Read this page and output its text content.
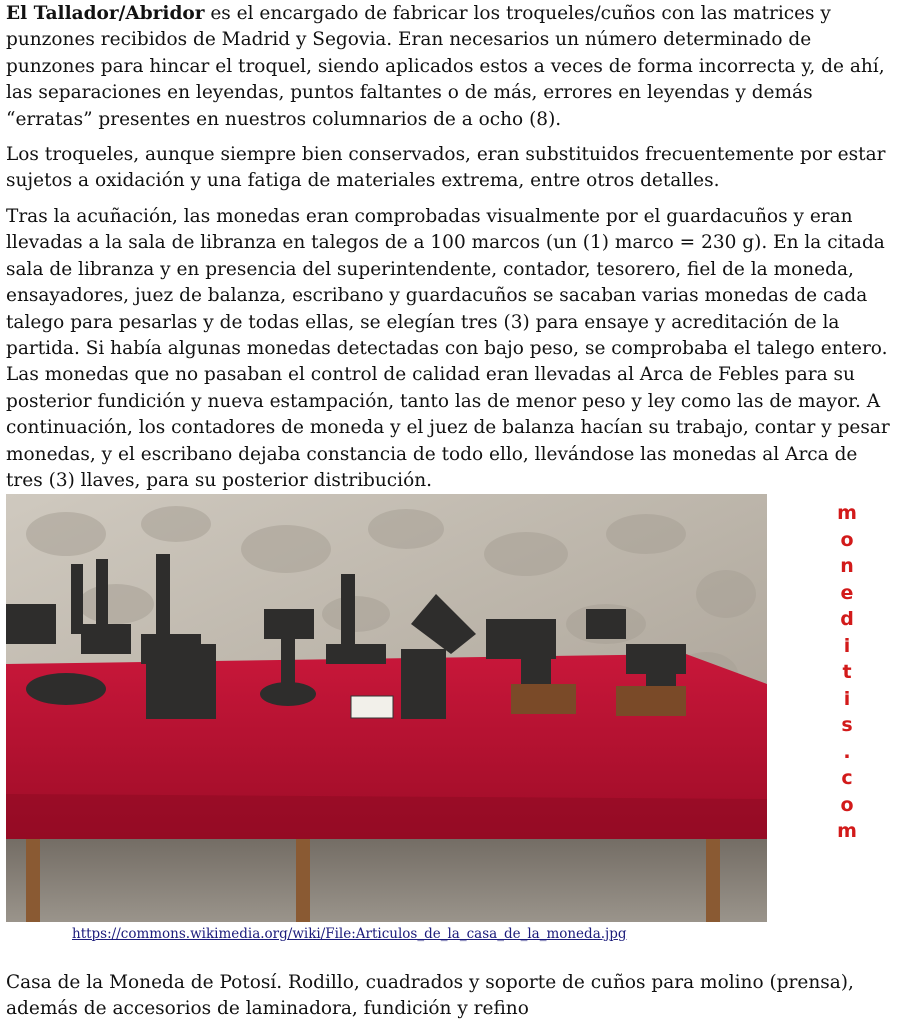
El Tallador/Abridor es el encargado de fabricar los troqueles/cuños con las matrices y punzones recibidos de Madrid y Segovia. Eran necesarios un número determinado de punzones para hincar el troquel, siendo aplicados estos a veces de forma incorrecta y, de ahí, las separaciones en leyendas, puntos faltantes o de más, errores en leyendas y demás “erratas” presentes en nuestros columnarios de a ocho (8).

Los troqueles, aunque siempre bien conservados, eran substituidos frecuentemente por estar sujetos a oxidación y una fatiga de materiales extrema, entre otros detalles.

Tras la acuñación, las monedas eran comprobadas visualmente por el guardacuños y eran llevadas a la sala de libranza en talegos de a 100 marcos (un (1) marco = 230 g). En la citada sala de libranza y en presencia del superintendente, contador, tesorero, fiel de la moneda, ensayadores, juez de balanza, escribano y guardacuños se sacaban varias monedas de cada talego para pesarlas y de todas ellas, se elegían tres (3) para ensaye y acreditación de la partida. Si había algunas monedas detectadas con bajo peso, se comprobaba el talego entero. Las monedas que no pasaban el control de calidad eran llevadas al Arca de Febles para su posterior fundición y nueva estampación, tanto las de menor peso y ley como las de mayor. A continuación, los contadores de moneda y el juez de balanza hacían su trabajo, contar y pesar monedas, y el escribano dejaba constancia de todo ello, llevándose las monedas al Arca de tres (3) llaves, para su posterior distribución.

m
o
n
e
d
i
t
i
s
.
c
o
m
https://commons.wikimedia.org/wiki/File:Articulos_de_la_casa_de_la_moneda.jpg

Casa de la Moneda de Potosí. Rodillo, cuadrados y soporte de cuños para molino (prensa), además de accesorios de laminadora, fundición y refino
